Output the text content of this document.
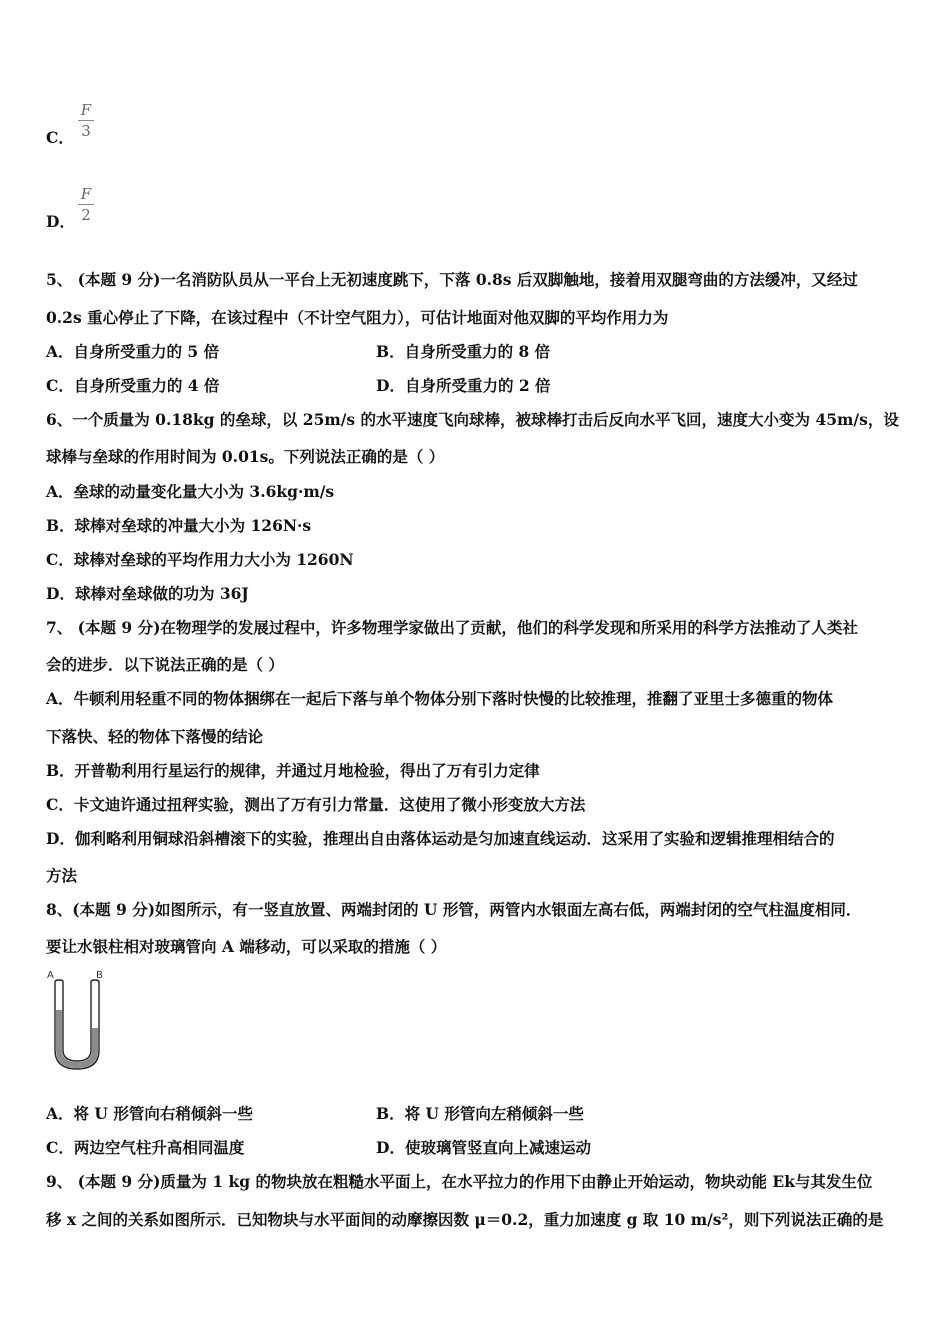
C．
F
3
D．
F
2
5、 (本题 9 分)一名消防队员从一平台上无初速度跳下，下落 0.8s 后双脚触地，接着用双腿弯曲的方法缓冲，又经过
0.2s 重心停止了下降，在该过程中（不计空气阻力），可估计地面对他双脚的平均作用力为
A．自身所受重力的 5 倍	B．自身所受重力的 8 倍
C．自身所受重力的 4 倍	D．自身所受重力的 2 倍
6、一个质量为 0.18kg 的垒球，以 25m/s 的水平速度飞向球棒，被球棒打击后反向水平飞回，速度大小变为 45m/s，设
球棒与垒球的作用时间为 0.01s。下列说法正确的是（ ）
A．垒球的动量变化量大小为 3.6kg·m/s
B．球棒对垒球的冲量大小为 126N·s
C．球棒对垒球的平均作用力大小为 1260N
D．球棒对垒球做的功为 36J
7、 (本题 9 分)在物理学的发展过程中，许多物理学家做出了贡献，他们的科学发现和所采用的科学方法推动了人类社
会的进步．以下说法正确的是（ ）
A．牛顿利用轻重不同的物体捆绑在一起后下落与单个物体分别下落时快慢的比较推理，推翻了亚里士多德重的物体
下落快、轻的物体下落慢的结论
B．开普勒利用行星运行的规律，并通过月地检验，得出了万有引力定律
C．卡文迪许通过扭秤实验，测出了万有引力常量．这使用了微小形变放大方法
D．伽利略利用铜球沿斜槽滚下的实验，推理出自由落体运动是匀加速直线运动．这采用了实验和逻辑推理相结合的
方法
8、(本题 9 分)如图所示，有一竖直放置、两端封闭的 U 形管，两管内水银面左高右低，两端封闭的空气柱温度相同．
要让水银柱相对玻璃管向 A 端移动，可以采取的措施（ ）
A	B
A．将 U 形管向右稍倾斜一些	B．将 U 形管向左稍倾斜一些
C．两边空气柱升高相同温度	D．使玻璃管竖直向上减速运动
9、 (本题 9 分)质量为 1 kg 的物块放在粗糙水平面上，在水平拉力的作用下由静止开始运动，物块动能 Ek与其发生位
移 x 之间的关系如图所示．已知物块与水平面间的动摩擦因数 μ＝0.2，重力加速度 g 取 10 m/s²，则下列说法正确的是
